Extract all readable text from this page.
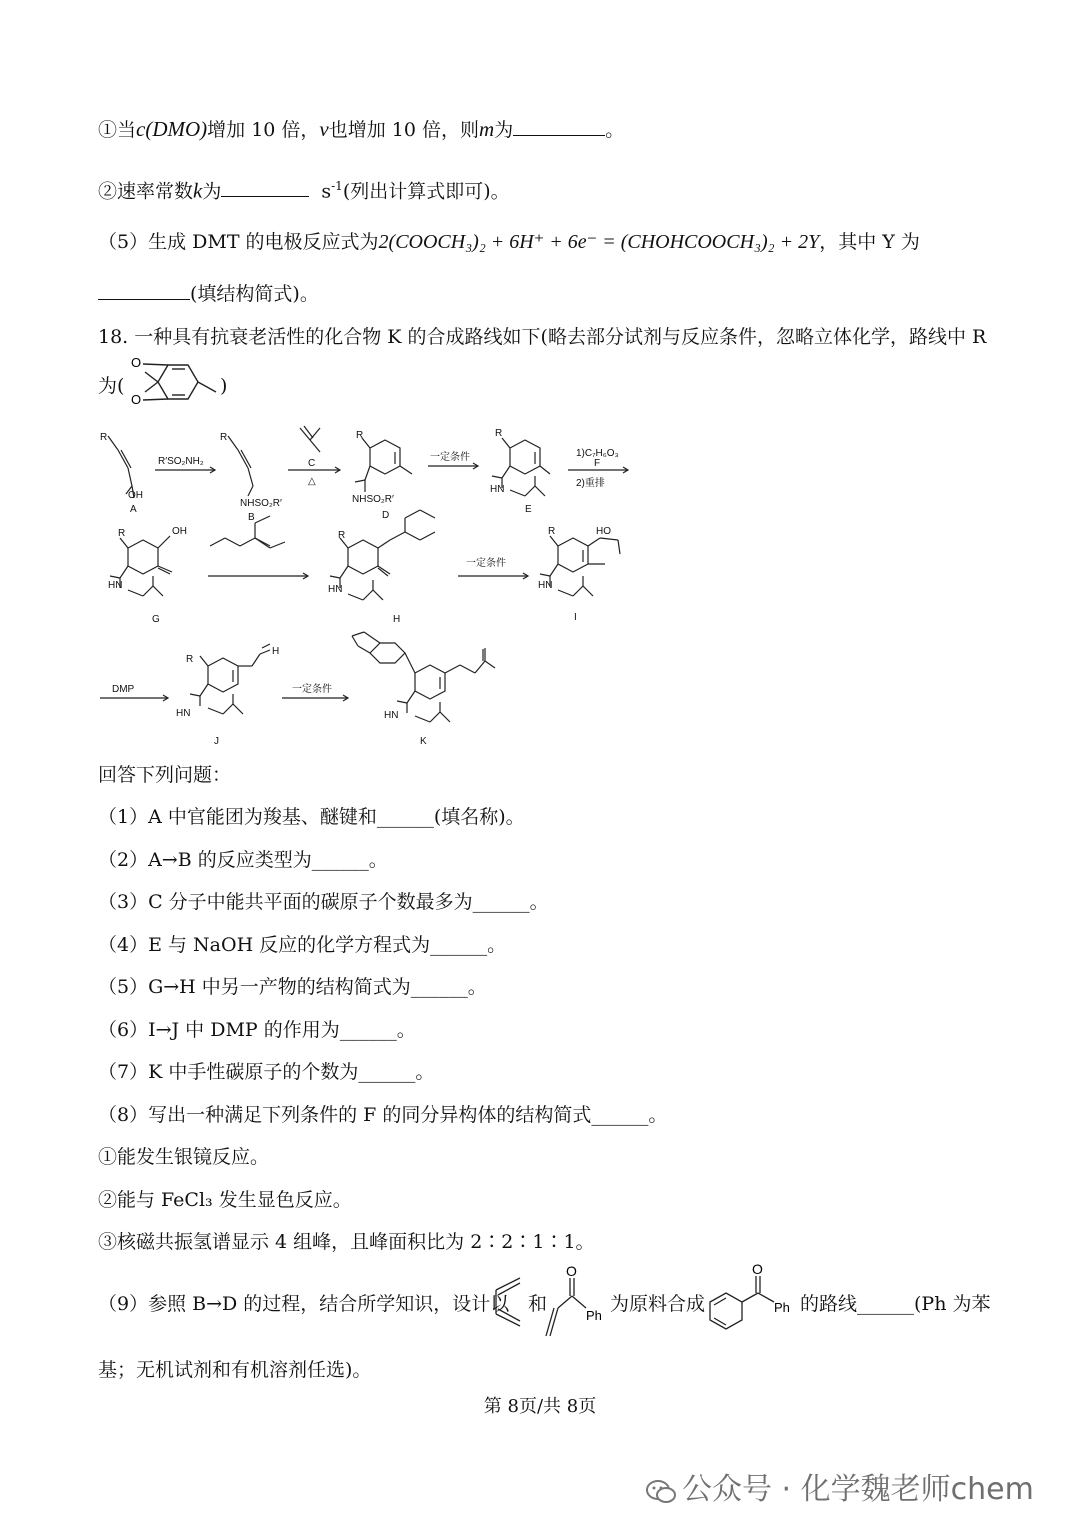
①当c(DMO)增加 10 倍，v也增加 10 倍，则m为	。
②速率常数k为	$s^{-1}$(列出计算式即可)。
（5）生成 DMT 的电极反应式为2(COOCH₃)₂ + 6H⁺ + 6e⁻ = (CHOHCOOCH₃)₂ + 2Y，其中 Y 为
(填结构简式)。
18. 一种具有抗衰老活性的化合物 K 的合成路线如下(略去部分试剂与反应条件，忽略立体化学，路线中 R
为(
O
O
)
R
OH
A
R′SO₂NH₂
R
NHSO₂R′
B
C
△
R
NHSO₂R′
D
一定条件
R
HN
E
1)C₇H₆O₃
F
2)重排
R	OH
HN
G
R
HN
H
一定条件
R	HO
HN
I
DMP
R
H
HN
J
一定条件
HN
K
回答下列问题：
（1）A 中官能团为羧基、醚键和______(填名称)。
（2）A→B 的反应类型为______。
（3）C 分子中能共平面的碳原子个数最多为______。
（4）E 与 NaOH 反应的化学方程式为______。
（5）G→H 中另一产物的结构简式为______。
（6）I→J 中 DMP 的作用为______。
（7）K 中手性碳原子的个数为______。
（8）写出一种满足下列条件的 F 的同分异构体的结构简式______。
①能发生银镜反应。
②能与 FeCl₃ 发生显色反应。
③核磁共振氢谱显示 4 组峰，且峰面积比为 2∶2∶1∶1。
（9）参照 B→D 的过程，结合所学知识，设计以 和
O
Ph
为原料合成
O
Ph 的路线______(Ph 为苯
基；无机试剂和有机溶剂任选)。
第 8页/共 8页
公众号 · 化学魏老师chem
